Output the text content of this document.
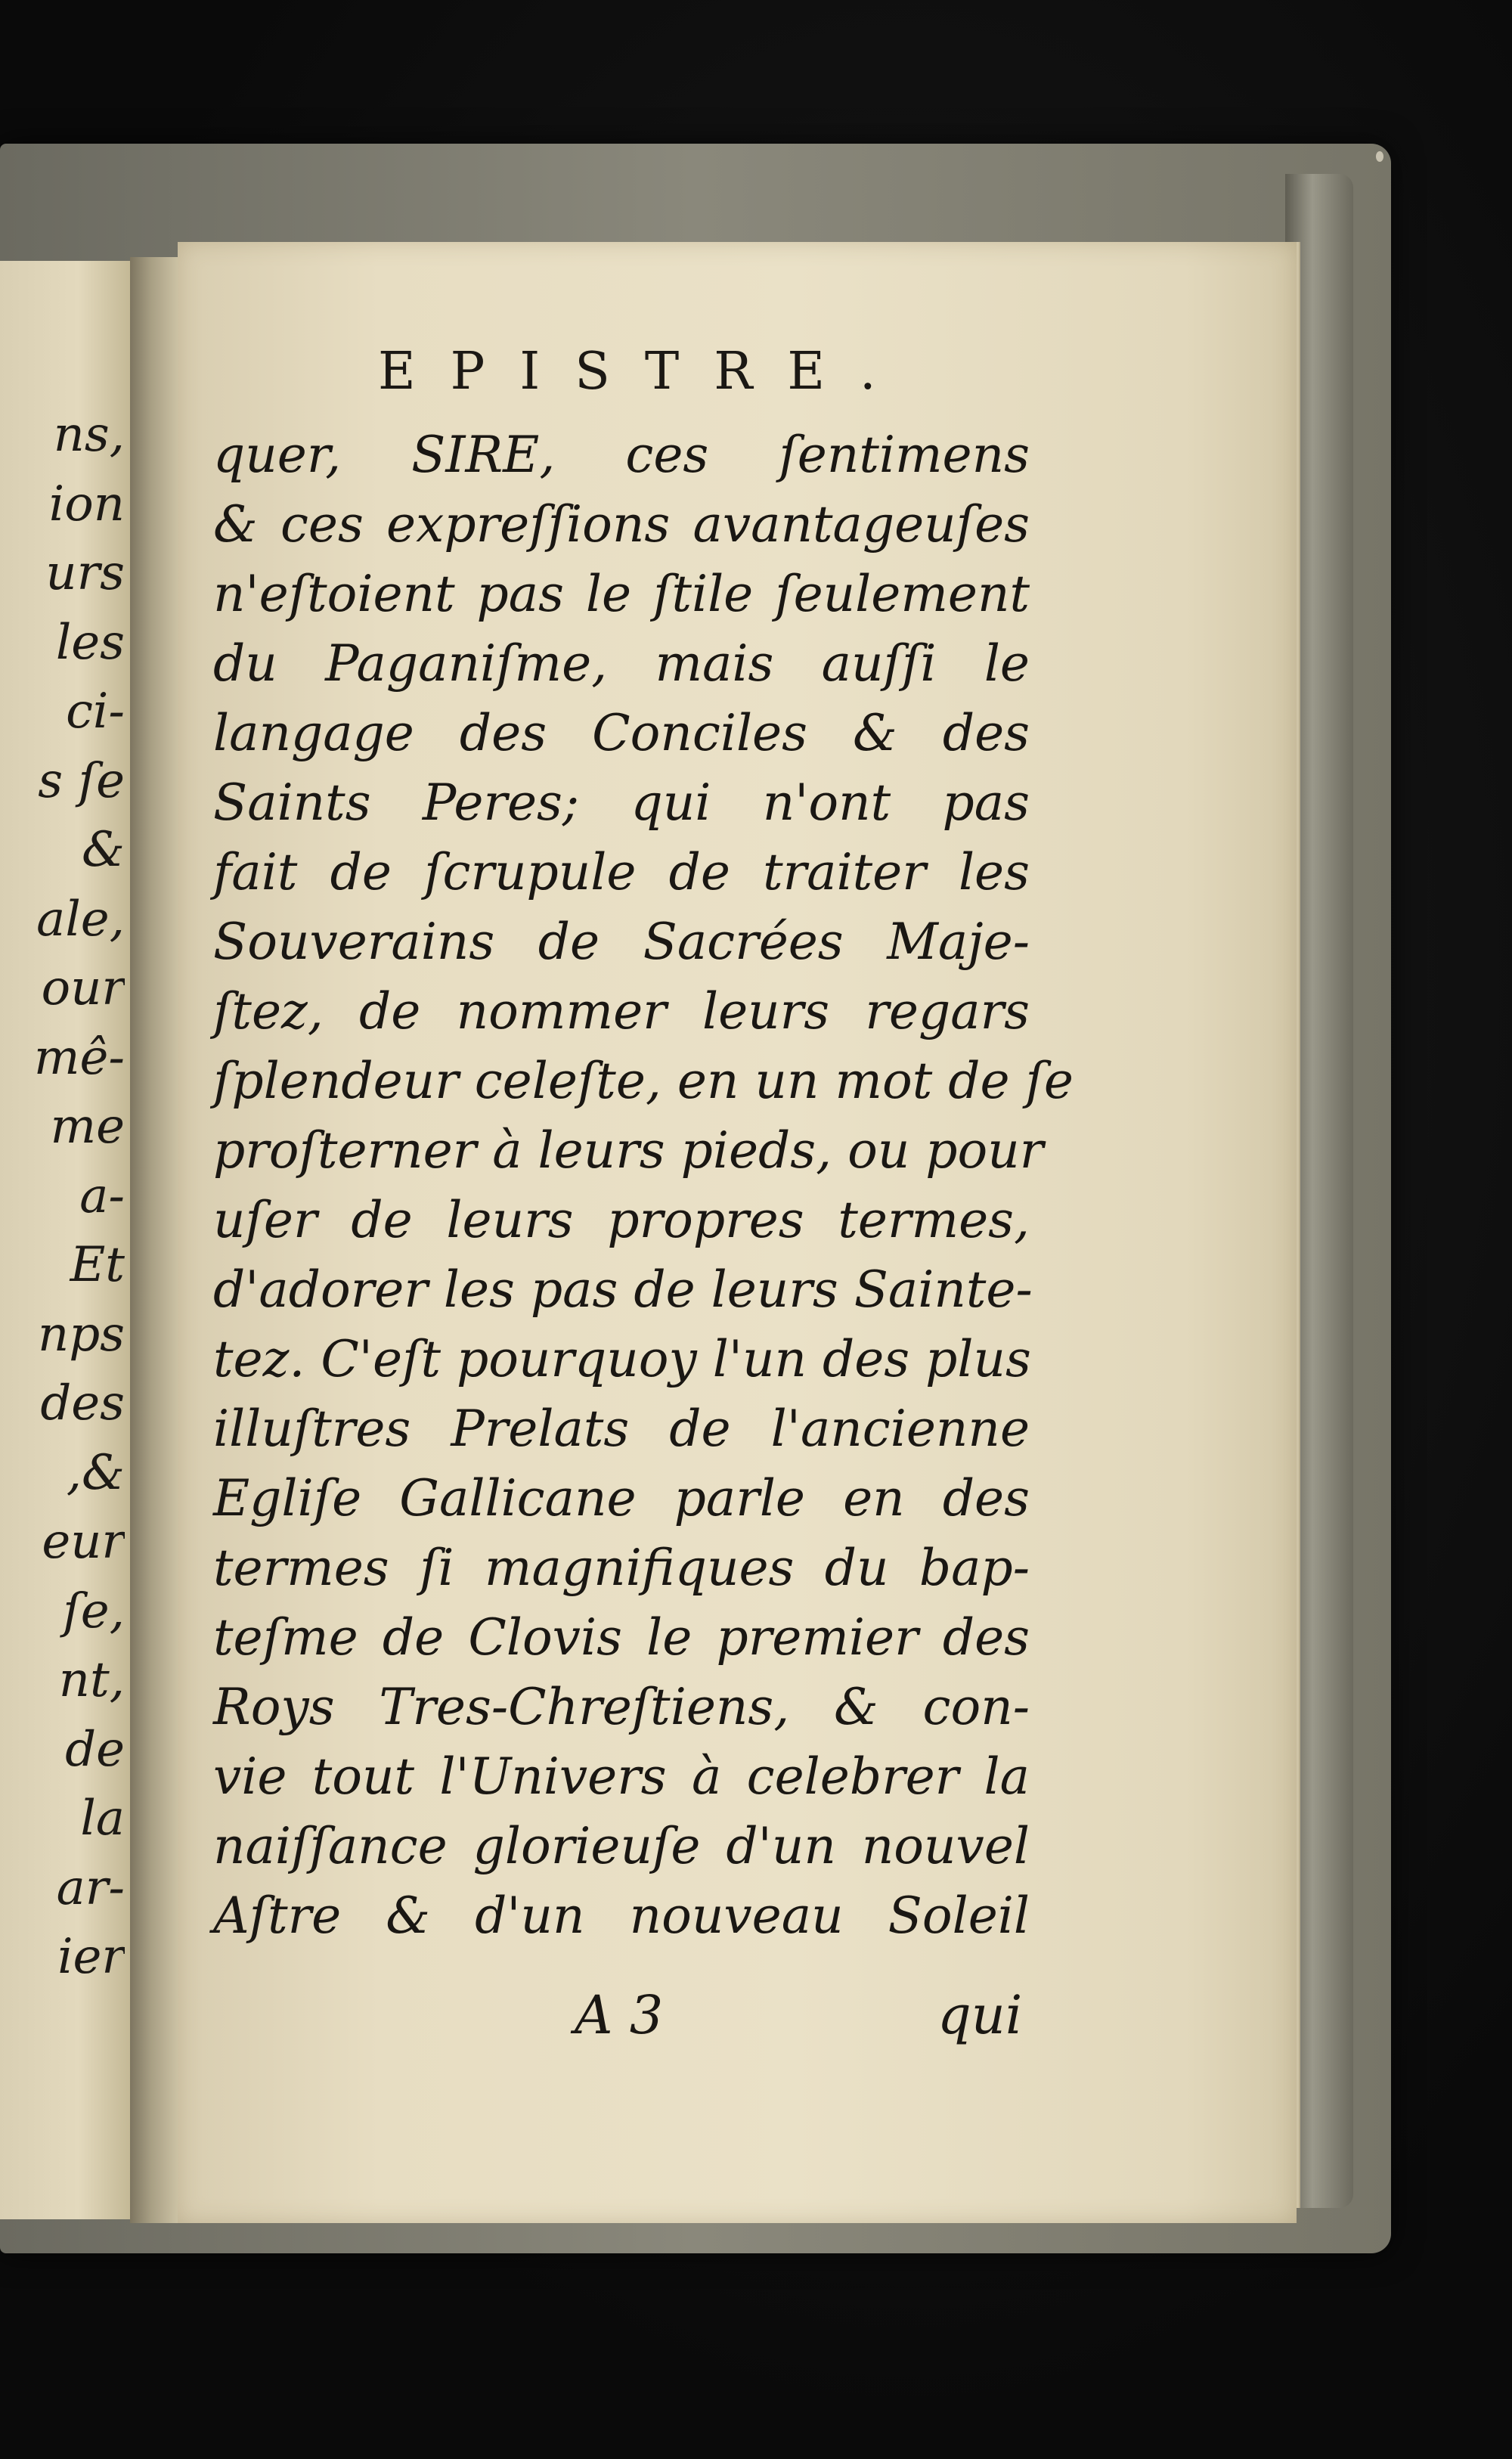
ns,
ion
urs
les
ci-
s ſe
&
ale,
our
mê-
me
a-
Et
nps
des
,&
eur
ſe,
nt,
de
la
ar-
ier
EPISTRE.
quer, SIRE, ces ſentimens
& ces expreſſions avantageuſes
n'eſtoient pas le ſtile ſeulement
du Paganiſme, mais auſſi le
langage des Conciles & des
Saints Peres; qui n'ont pas
fait de ſcrupule de traiter les
Souverains de Sacrées Maje-
ſtez, de nommer leurs regars
ſplendeur celeſte, en un mot de ſe
proſterner à leurs pieds, ou pour
uſer de leurs propres termes,
d'adorer les pas de leurs Sainte-
tez. C'eſt pourquoy l'un des plus
illuſtres Prelats de l'ancienne
Egliſe Gallicane parle en des
termes ſi magnifiques du bap-
teſme de Clovis le premier des
Roys Tres-Chreſtiens, & con-
vie tout l'Univers à celebrer la
naiſſance glorieuſe d'un nouvel
Aſtre & d'un nouveau Soleil
A 3	qui
